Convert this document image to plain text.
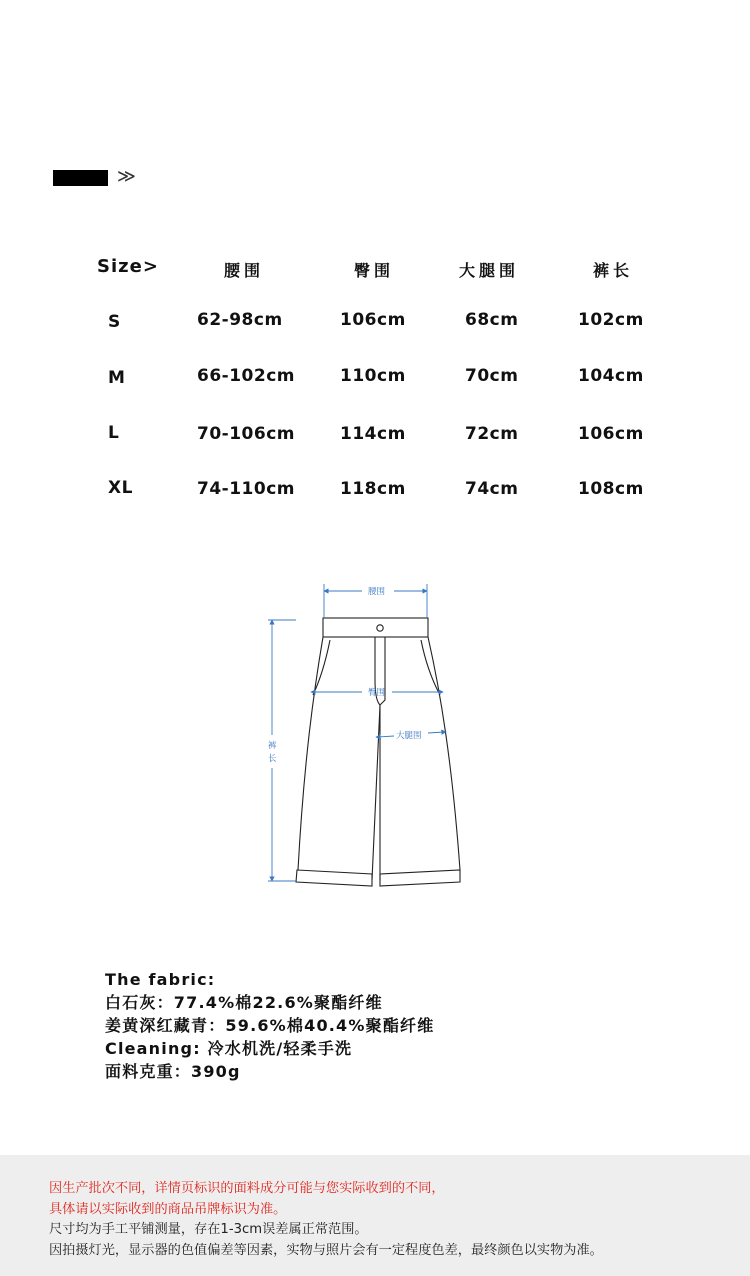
≫
Size>	腰围	臀围	大腿围	裤长
S	62-98cm	106cm	68cm	102cm
M	66-102cm	110cm	70cm	104cm
L	70-106cm	114cm	72cm	106cm
XL	74-110cm	118cm	74cm	108cm
腰围
臀围
大腿围
裤
长
The fabric:
白石灰：77.4%棉22.6%聚酯纤维
姜黄深红藏青：59.6%棉40.4%聚酯纤维
Cleaning: 冷水机洗/轻柔手洗
面料克重：390g
因生产批次不同，详情页标识的面料成分可能与您实际收到的不同，
具体请以实际收到的商品吊牌标识为准。
尺寸均为手工平铺测量，存在1-3cm误差属正常范围。
因拍摄灯光，显示器的色值偏差等因素，实物与照片会有一定程度色差，最终颜色以实物为准。
